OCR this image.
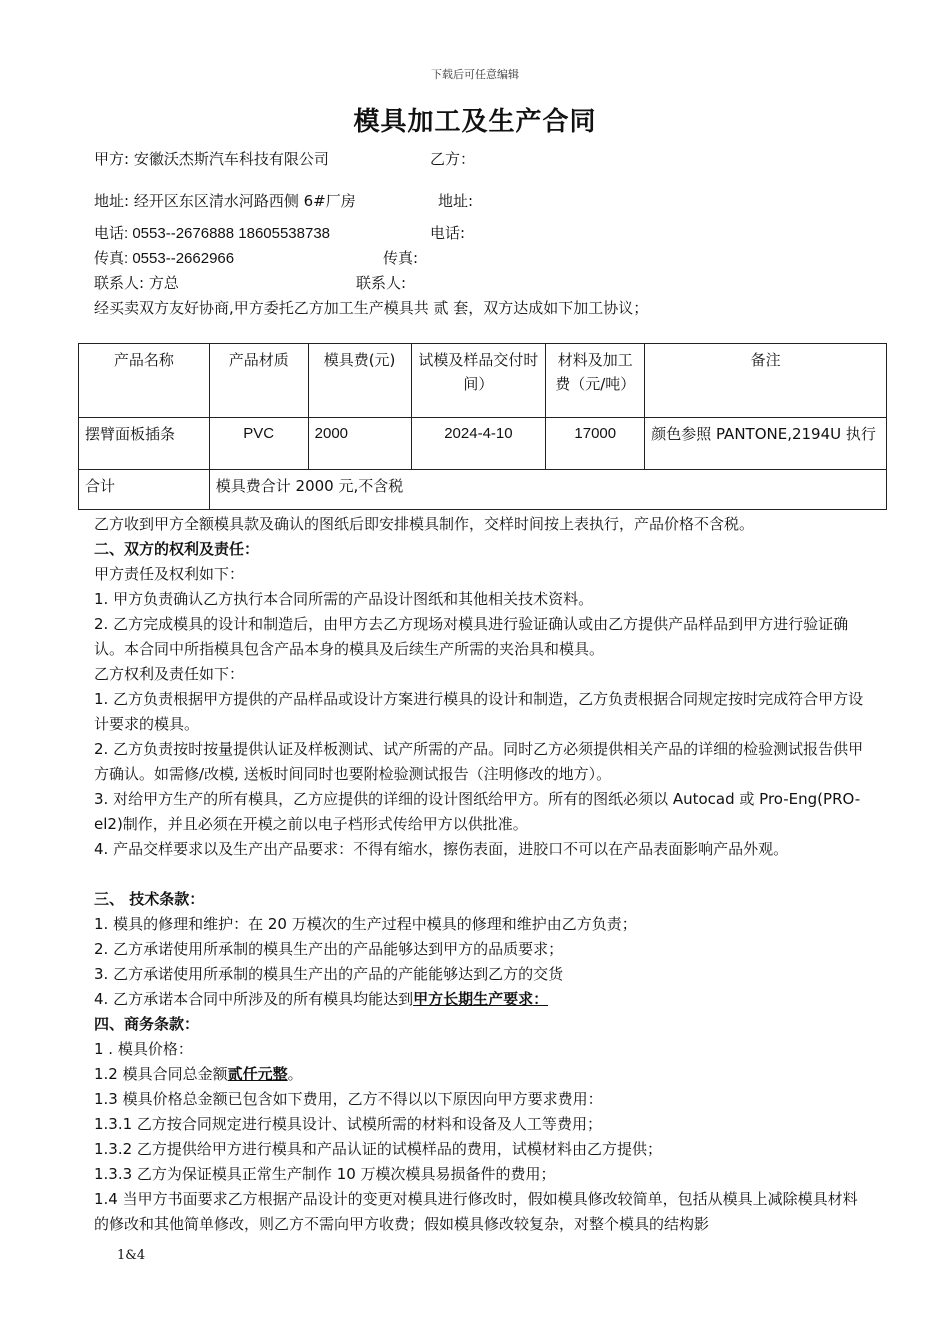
下载后可任意编辑
模具加工及生产合同
甲方: 安徽沃杰斯汽车科技有限公司	乙方：
地址: 经开区东区清水河路西侧 6#厂房	地址:
电话: 0553--2676888 18605538738	电话:
传真: 0553--2662966	传真:
联系人: 方总	联系人:
经买卖双方友好协商,甲方委托乙方加工生产模具共 贰 套，双方达成如下加工协议；
产品名称	产品材质	模具费(元)	试模及样品交付时间）	材料及加工费（元/吨）	备注
摆臂面板插条	PVC	2000	2024-4-10	17000	颜色参照 PANTONE,2194U 执行
合计	模具费合计 2000 元,不含税				
乙方收到甲方全额模具款及确认的图纸后即安排模具制作，交样时间按上表执行，产品价格不含税。
二、双方的权利及责任：
甲方责任及权利如下：
1. 甲方负责确认乙方执行本合同所需的产品设计图纸和其他相关技术资料。
2. 乙方完成模具的设计和制造后，由甲方去乙方现场对模具进行验证确认或由乙方提供产品样品到甲方进行验证确认。本合同中所指模具包含产品本身的模具及后续生产所需的夹治具和模具。
乙方权利及责任如下：
1. 乙方负责根据甲方提供的产品样品或设计方案进行模具的设计和制造，乙方负责根据合同规定按时完成符合甲方设计要求的模具。
2. 乙方负责按时按量提供认证及样板测试、试产所需的产品。同时乙方必须提供相关产品的详细的检验测试报告供甲方确认。如需修/改模, 送板时间同时也要附检验测试报告（注明修改的地方）。
3. 对给甲方生产的所有模具，乙方应提供的详细的设计图纸给甲方。所有的图纸必须以 Autocad 或 Pro-Eng(PRO-el2)制作，并且必须在开模之前以电子档形式传给甲方以供批准。
4. 产品交样要求以及生产出产品要求：不得有缩水，擦伤表面，进胶口不可以在产品表面影响产品外观。
三、 技术条款：
1. 模具的修理和维护：在 20 万模次的生产过程中模具的修理和维护由乙方负责；
2. 乙方承诺使用所承制的模具生产出的产品能够达到甲方的品质要求；
3. 乙方承诺使用所承制的模具生产出的产品的产能能够达到乙方的交货
4. 乙方承诺本合同中所涉及的所有模具均能达到甲方长期生产要求：
四、商务条款：
1 . 模具价格：
1.2 模具合同总金额贰仟元整。
1.3 模具价格总金额已包含如下费用，乙方不得以以下原因向甲方要求费用：
1.3.1 乙方按合同规定进行模具设计、试模所需的材料和设备及人工等费用；
1.3.2 乙方提供给甲方进行模具和产品认证的试模样品的费用，试模材料由乙方提供；
1.3.3 乙方为保证模具正常生产制作 10 万模次模具易损备件的费用；
1.4 当甲方书面要求乙方根据产品设计的变更对模具进行修改时，假如模具修改较简单，包括从模具上减除模具材料的修改和其他简单修改，则乙方不需向甲方收费；假如模具修改较复杂，对整个模具的结构影
1&4
